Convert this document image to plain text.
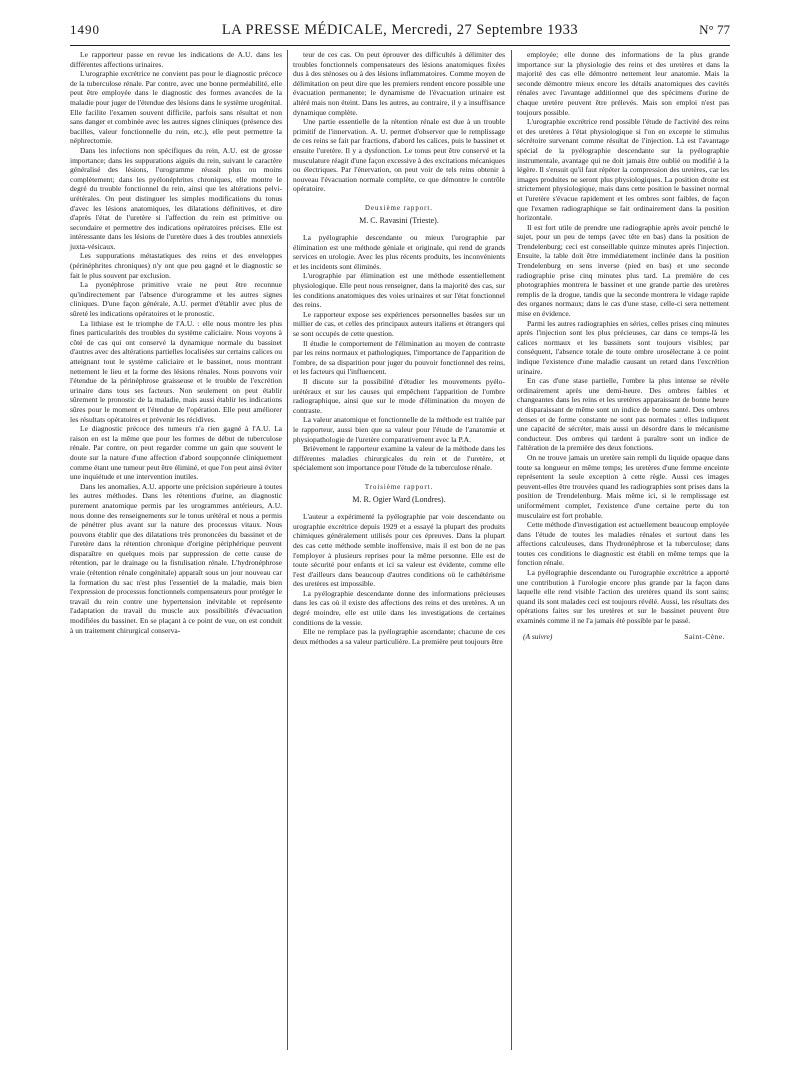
1490	LA PRESSE MÉDICALE, Mercredi, 27 Septembre 1933	N° 77

Le rapporteur passe en revue les indications de A.U. dans les différentes affections urinaires.

L'urographie excrétrice ne convient pas pour le diagnostic précoce de la tuberculose rénale. Par contre, avec une bonne perméabilité, elle peut être employée dans le diagnostic des formes avancées de la maladie pour juger de l'étendue des lésions dans le système urogénital. Elle facilite l'examen souvent difficile, parfois sans résultat et non sans danger et combinée avec les autres signes cliniques (présence des bacilles, valeur fonctionnelle du rein, etc.), elle peut permettre la néphrectomie.

Dans les infections non spécifiques du rein, A.U. est de grosse importance; dans les suppurations aiguës du rein, suivant le caractère généralisé des lésions, l'urogramme réussit plus ou moins complètement; dans les pyélonéphrites chroniques, elle montre le degré du trouble fonctionnel du rein, ainsi que les altérations pelvi-urétérales. On peut distinguer les simples modifications du tonus d'avec les lésions anatomiques, les dilatations définitives, et dire d'après l'état de l'uretère si l'affection du rein est primitive ou secondaire et permettre des indications opératoires précises. Elle est intéressante dans les lésions de l'uretère dues à des troubles annexiels juxta-vésicaux.

Les suppurations métastatiques des reins et des enveloppes (périnéphrites chroniques) n'y ont que peu gagné et le diagnostic se fait le plus souvent par exclusion.

La pyonéphrose primitive vraie ne peut être reconnue qu'indirectement par l'absence d'urogramme et les autres signes cliniques. D'une façon générale, A.U. permet d'établir avec plus de sûreté les indications opératoires et le pronostic.

La lithiase est le triomphe de l'A.U. : elle nous montre les plus fines particularités des troubles du système caliciaire. Nous voyons à côté de cas qui ont conservé la dynamique normale du bassinet d'autres avec des altérations partielles localisées sur certains calices ou atteignant tout le système caliciaire et le bassinet, nous montrant nettement le lieu et la forme des lésions rénales. Nous pouvons voir l'étendue de la périnéphrose graisseuse et le trouble de l'excrétion urinaire dans tous ses facteurs. Non seulement on peut établir sûrement le pronostic de la maladie, mais aussi établir les indications sûres pour le moment et l'étendue de l'opération. Elle peut améliorer les résultats opératoires et prévenir les récidives.

Le diagnostic précoce des tumeurs n'a rien gagné à l'A.U. La raison en est la même que pour les formes de début de tuberculose rénale. Par contre, on peut regarder comme un gain que souvent le doute sur la nature d'une affection d'abord soupçonnée cliniquement comme étant une tumeur peut être éliminé, et que l'on peut ainsi éviter une inquiétude et une intervention inutiles.

Dans les anomalies, A.U. apporte une précision supérieure à toutes les autres méthodes. Dans les rétentions d'urine, au diagnostic purement anatomique permis par les urogrammes antérieurs, A.U. nous donne des renseignements sur le tonus urétéral et nous a permis de pénétrer plus avant sur la nature des processus vitaux. Nous pouvons établir que des dilatations très prononcées du bassinet et de l'uretère dans la rétention chronique d'origine périphérique peuvent disparaître en quelques mois par suppression de cette cause de rétention, par le drainage ou la fistulisation rénale. L'hydronéphrose vraie (rétention rénale congénitale) apparaît sous un jour nouveau car la formation du sac n'est plus l'essentiel de la maladie, mais bien l'expression de processus fonctionnels compensateurs pour protéger le travail du rein contre une hypertension inévitable et représente l'adaptation du travail du muscle aux possibilités d'évacuation modifiées du bassinet. En se plaçant à ce point de vue, on est conduit à un traitement chirurgical conserva-

teur de ces cas. On peut éprouver des difficultés à délimiter des troubles fonctionnels compensateurs des lésions anatomiques fixées dus à des sténoses ou à des lésions inflammatoires. Comme moyen de délimitation on peut dire que les premiers rendent encore possible une évacuation permanente; le dynamisme de l'évacuation urinaire est altéré mais non éteint. Dans les autres, au contraire, il y a insuffisance dynamique complète.

Une partie essentielle de la rétention rénale est due à un trouble primitif de l'innervation. A. U. permet d'observer que le remplissage de ces reins se fait par fractions, d'abord les calices, puis le bassinet et ensuite l'uretère. Il y a dysfonction. Le tonus peut être conservé et la musculature réagit d'une façon excessive à des excitations mécaniques ou électriques. Par l'énervation, on peut voir de tels reins obtenir à nouveau l'évacuation normale complète, ce que démontre le contrôle opératoire.

Deuxième rapport.

M. C. Ravasini (Trieste).

La pyélographie descendante ou mieux l'urographie par élimination est une méthode géniale et originale, qui rend de grands services en urologie. Avec les plus récents produits, les inconvénients et les incidents sont éliminés.

L'urographie par élimination est une méthode essentiellement physiologique. Elle peut nous renseigner, dans la majorité des cas, sur les conditions anatomiques des voies urinaires et sur l'état fonctionnel des reins.

Le rapporteur expose ses expériences personnelles basées sur un millier de cas, et celles des principaux auteurs italiens et étrangers qui se sont occupés de cette question.

Il étudie le comportement de l'élimination au moyen de contraste par les reins normaux et pathologiques, l'importance de l'apparition de l'ombre, de sa disparition pour juger du pouvoir fonctionnel des reins, et les facteurs qui l'influencent.

Il discute sur la possibilité d'étudier les mouvements pyélo-urétéraux et sur les causes qui empêchent l'apparition de l'ombre radiographique, ainsi que sur le mode d'élimination du moyen de contraste.

La valeur anatomique et fonctionnelle de la méthode est traitée par le rapporteur, aussi bien que sa valeur pour l'étude de l'anatomie et physiopathologie de l'uretère comparativement avec la P.A.

Brièvement le rapporteur examine la valeur de la méthode dans les différentes maladies chirurgicales du rein et de l'uretère, et spécialement son importance pour l'étude de la tuberculose rénale.

Troisième rapport.

M. R. Ogier Ward (Londres).

L'auteur a expérimenté la pyélographie par voie descendante ou urographie excrétrice depuis 1929 et a essayé la plupart des produits chimiques généralement utilisés pour ces épreuves. Dans la plupart des cas cette méthode semble inoffensive, mais il est bon de ne pas l'employer à plusieurs reprises pour la même personne. Elle est de toute sécurité pour enfants et ici sa valeur est évidente, comme elle l'est d'ailleurs dans beaucoup d'autres conditions où le cathétérisme des uretères est impossible.

La pyélographie descendante donne des informations précieuses dans les cas où il existe des affections des reins et des uretères. A un degré moindre, elle est utile dans les investigations de certaines conditions de la vessie.

Elle ne remplace pas la pyélographie ascendante; chacune de ces deux méthodes a sa valeur particulière. La première peut toujours être

employée; elle donne des informations de la plus grande importance sur la physiologie des reins et des uretères et dans la majorité des cas elle démontre nettement leur anatomie. Mais la seconde démontre mieux encore les détails anatomiques des cavités rénales avec l'avantage additionnel que des spécimens d'urine de chaque uretère peuvent être prélevés. Mais son emploi n'est pas toujours possible.

L'urographie excrétrice rend possible l'étude de l'activité des reins et des uretères à l'état physiologique si l'on en excepte le stimulus sécrétoire survenant comme résultat de l'injection. Là est l'avantage spécial de la pyélographie descendante sur la pyélographie instrumentale, avantage qui ne doit jamais être oublié ou modifié à la légère. Il s'ensuit qu'il faut répéter la compression des uretères, car les images produites ne seront plus physiologiques. La position droite est strictement physiologique, mais dans cette position le bassinet normal et l'uretère s'évacue rapidement et les ombres sont faibles, de façon que l'examen radiographique se fait ordinairement dans la position horizontale.

Il est fort utile de prendre une radiographie après avoir penché le sujet, pour un peu de temps (avec tête en bas) dans la position de Trendelenburg; ceci est conseillable quinze minutes après l'injection. Ensuite, la table doit être immédiatement inclinée dans la position Trendelenburg en sens inverse (pied en bas) et une seconde radiographie prise cinq minutes plus tard. La première de ces photographies montrera le bassinet et une grande partie des uretères remplis de la drogue, tandis que la seconde montrera le vidage rapide des organes normaux; dans le cas d'une stase, celle-ci sera nettement mise en évidence.

Parmi les autres radiographies en séries, celles prises cinq minutes après l'injection sont les plus précieuses, car dans ce temps-là les calices normaux et les bassinets sont toujours visibles; par conséquent, l'absence totale de toute ombre urosélectane à ce point indique l'existence d'une maladie causant un retard dans l'excrétion urinaire.

En cas d'une stase partielle, l'ombre la plus intense se révèle ordinairement après une demi-heure. Des ombres faibles et changeantes dans les reins et les uretères apparaissant de bonne heure et disparaissant de même sont un indice de bonne santé. Des ombres denses et de forme constante ne sont pas normales : elles indiquent une capacité de sécréter, mais aussi un désordre dans le mécanisme conducteur. Des ombres qui tardent à paraître sont un indice de l'altération de la première des deux fonctions.

On ne trouve jamais un uretère sain rempli du liquide opaque dans toute sa longueur en même temps; les uretères d'une femme enceinte représentent la seule exception à cette règle. Aussi ces images peuvent-elles être trouvées quand les radiographies sont prises dans la position de Trendelenburg. Mais même ici, si le remplissage est uniformément complet, l'existence d'une certaine perte du ton musculaire est fort probable.

Cette méthode d'investigation est actuellement beaucoup employée dans l'étude de toutes les maladies rénales et surtout dans les affections calculeuses, dans l'hydronéphrose et la tuberculose; dans toutes ces conditions le diagnostic est établi en même temps que la fonction rénale.

La pyélographie descendante ou l'urographie excrétrice a apporté une contribution à l'urologie encore plus grande par la façon dans laquelle elle rend visible l'action des uretères quand ils sont sains; quand ils sont malades ceci est toujours révélé. Aussi, les résultats des opérations faites sur les uretères et sur le bassinet peuvent être examinés comme il ne l'a jamais été possible par le passé.

(A suivre)	Saint-Cène.
